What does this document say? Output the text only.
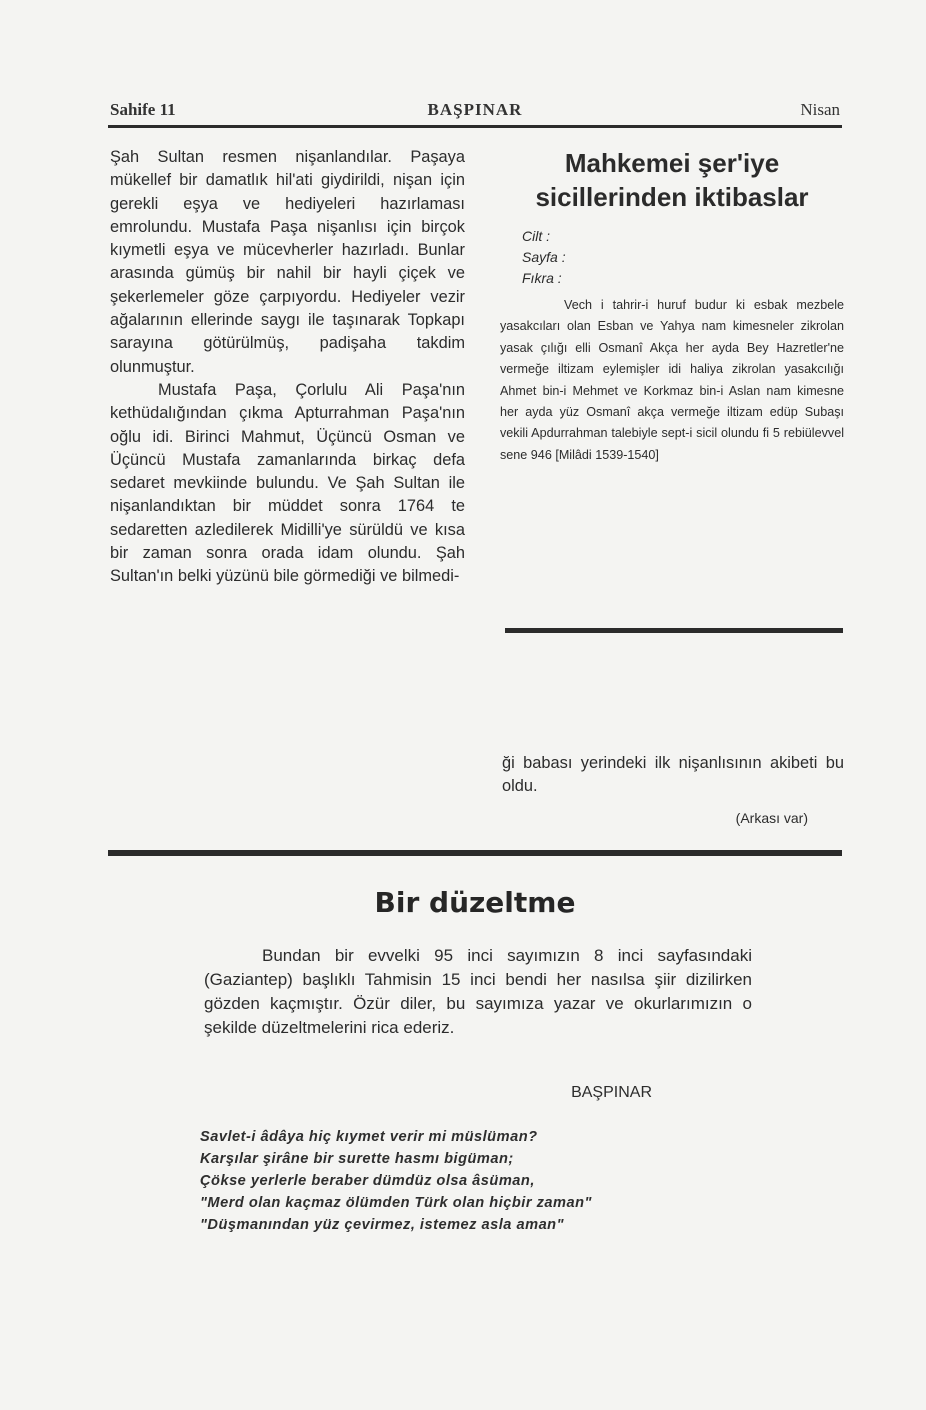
Sahife 11	BAŞPINAR	Nisan

Şah Sultan resmen nişanlandılar. Paşaya mükellef bir damatlık hil'ati giydirildi, nişan için gerekli eşya ve hediyeleri hazırlaması emrolundu. Mustafa Paşa nişanlısı için birçok kıymetli eşya ve mücevherler hazırladı. Bunlar arasında gümüş bir nahil bir hayli çiçek ve şekerlemeler göze çarpıyordu. Hediyeler vezir ağalarının ellerinde saygı ile taşınarak Topkapı sarayına götürülmüş, padişaha takdim olunmuştur.

Mustafa Paşa, Çorlulu Ali Paşa'nın kethüdalığından çıkma Apturrahman Paşa'nın oğlu idi. Birinci Mahmut, Üçüncü Osman ve Üçüncü Mustafa zamanlarında birkaç defa sedaret mevkiinde bulundu. Ve Şah Sultan ile nişanlandıktan bir müddet sonra 1764 te sedaretten azledilerek Midilli'ye sürüldü ve kısa bir zaman sonra orada idam olundu. Şah Sultan'ın belki yüzünü bile görmediği ve bilmedi-

Mahkemei şer'iye sicillerinden iktibaslar
Cilt :
Sayfa :
Fıkra :
Vech i tahrir-i huruf budur ki esbak mezbele yasakcıları olan Esban ve Yahya nam kimesneler zikrolan yasak çılığı elli Osmanî Akça her ayda Bey Hazretler'ne vermeğe iltizam eylemişler idi haliya zikrolan yasakcılığı Ahmet bin-i Mehmet ve Korkmaz bin-i Aslan nam kimesne her ayda yüz Osmanî akça vermeğe iltizam edüp Subaşı vekili Apdurrahman talebiyle sept-i sicil olundu fi 5 rebiülevvel sene 946 [Milâdi 1539-1540]

ği babası yerindeki ilk nişanlısının akibeti bu oldu.

(Arkası var)

Bir düzeltme

Bundan bir evvelki 95 inci sayımızın 8 inci sayfasındaki (Gaziantep) başlıklı Tahmisin 15 inci bendi her nasılsa şiir dizilirken gözden kaçmıştır. Özür diler, bu sayımıza yazar ve okurlarımızın o şekilde düzeltmelerini rica ederiz.

BAŞPINAR
Savlet-i âdâya hiç kıymet verir mi müslüman?
Karşılar şirâne bir surette hasmı bigüman;
Çökse yerlerle beraber dümdüz olsa âsüman,
"Merd olan kaçmaz ölümden Türk olan hiçbir zaman"
"Düşmanından yüz çevirmez, istemez asla aman"
